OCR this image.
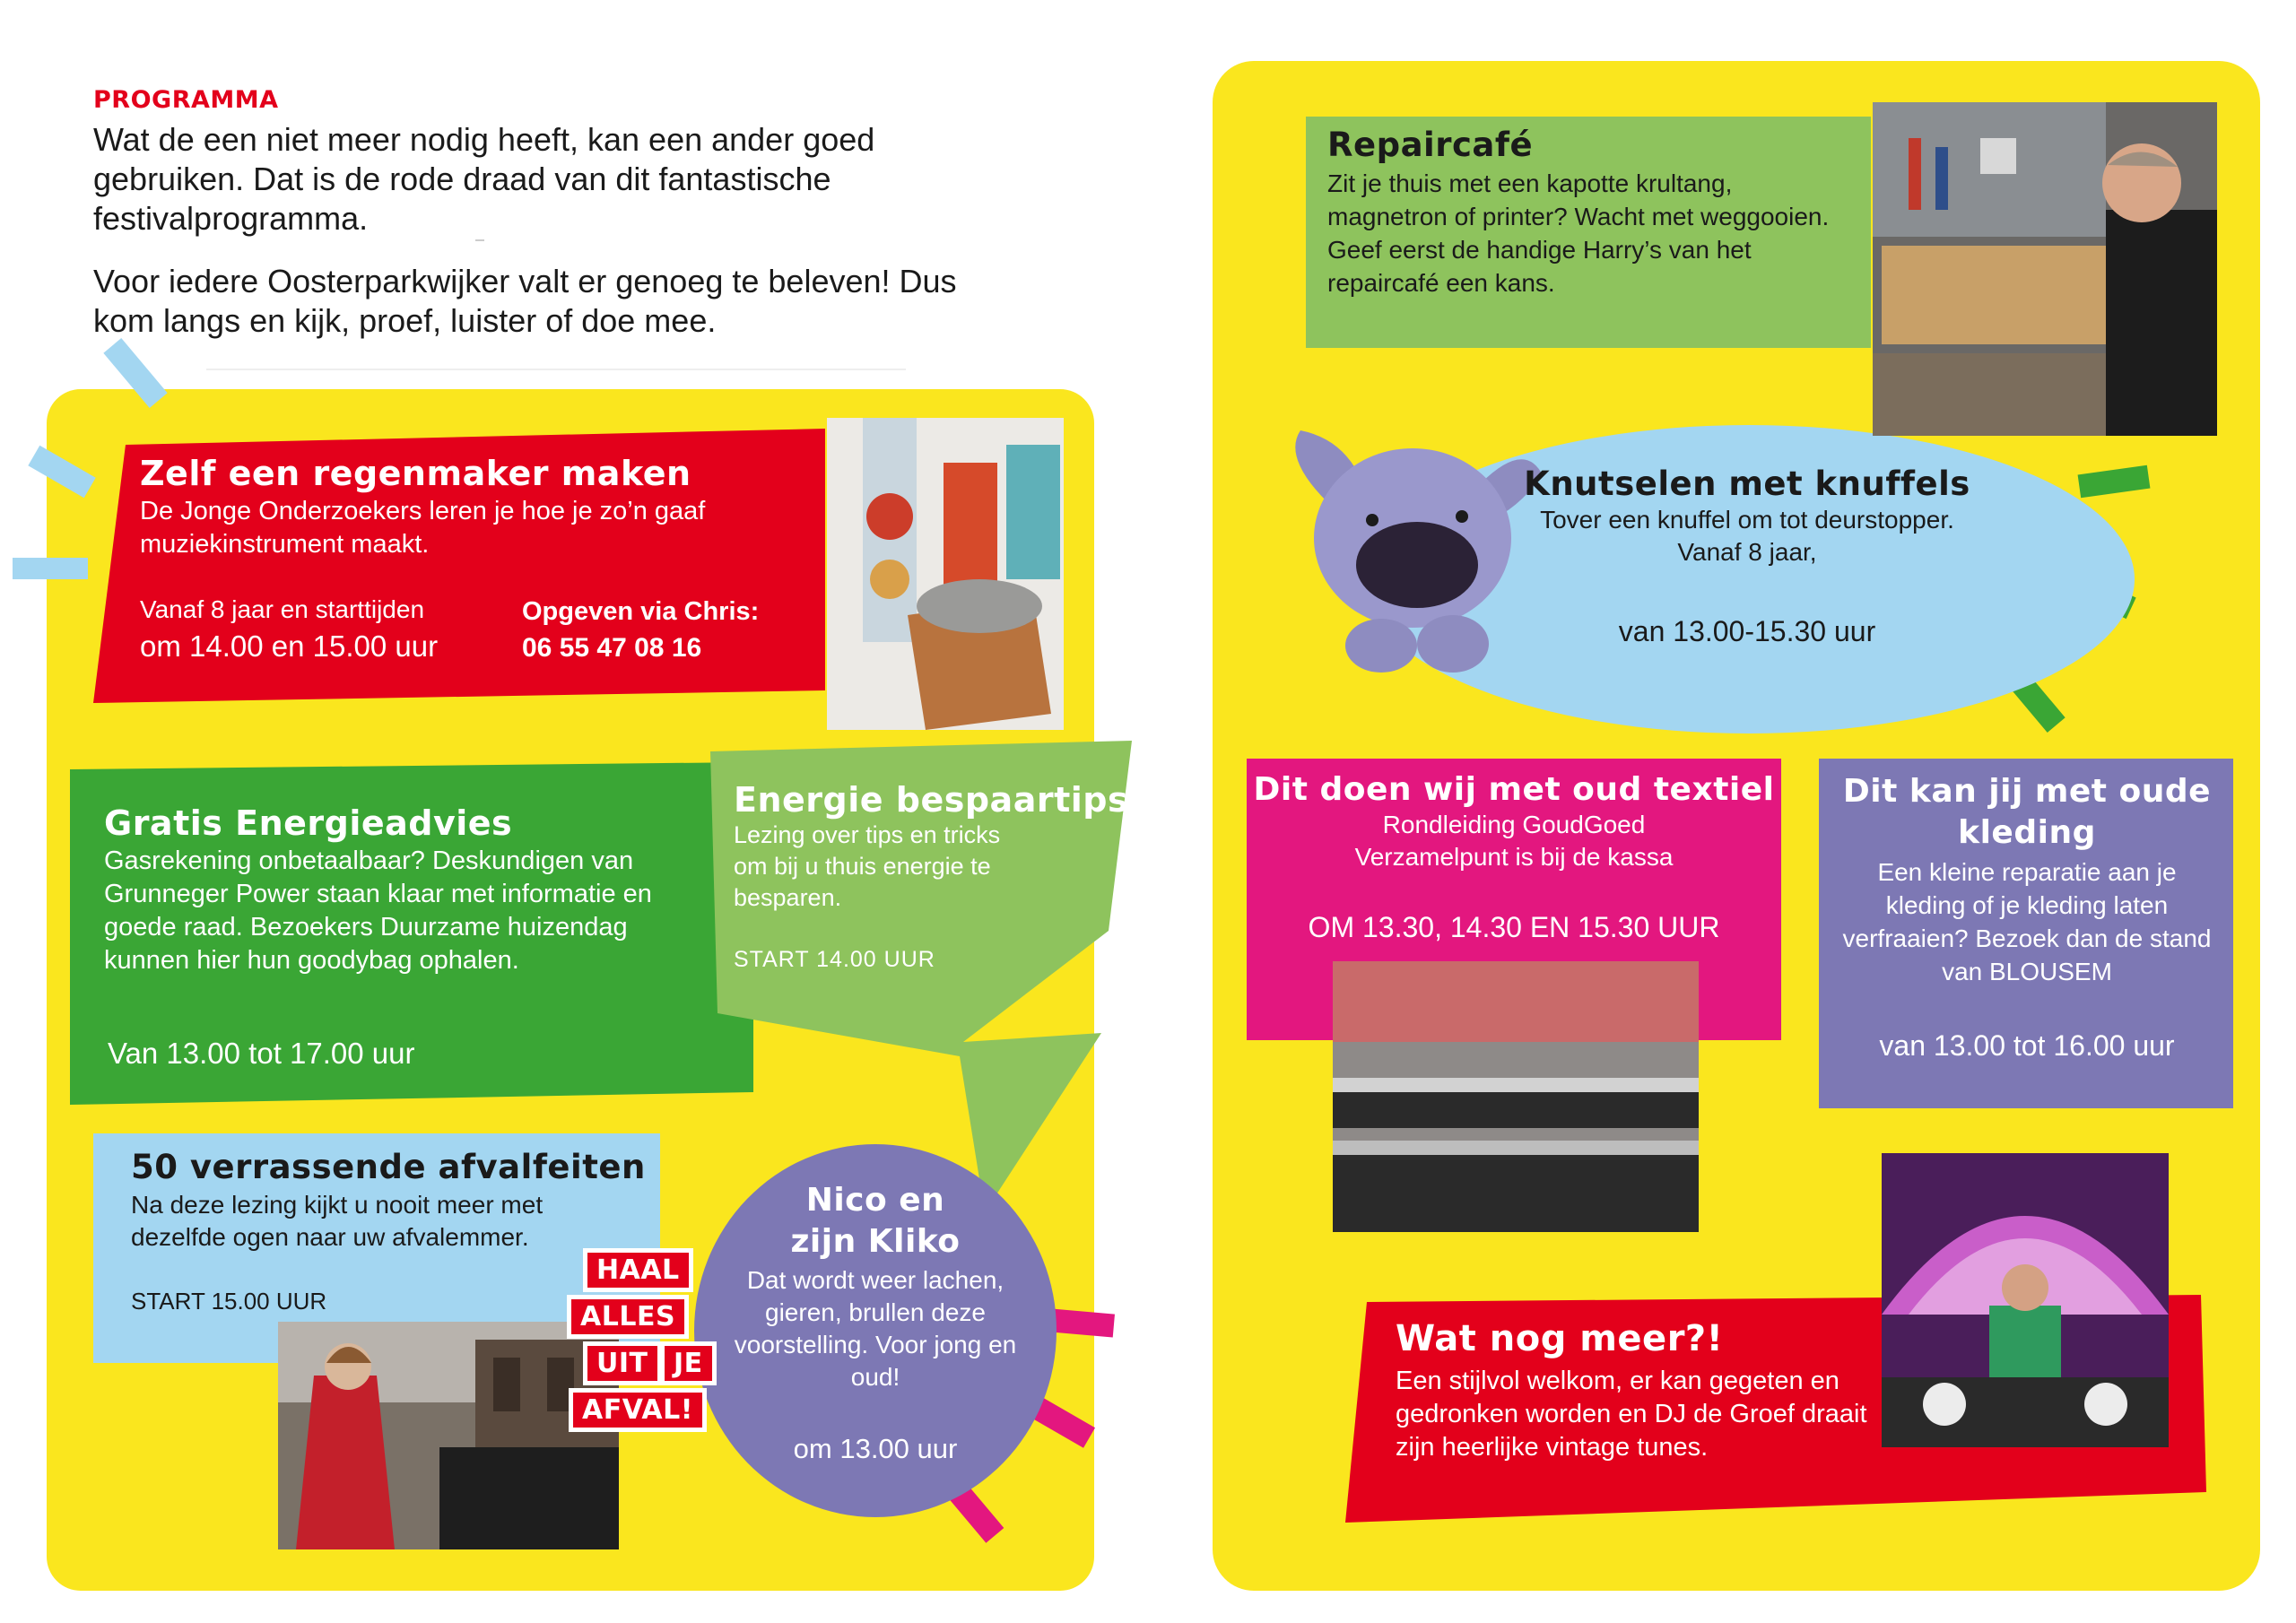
PROGRAMMA
Wat de een niet meer nodig heeft, kan een ander goed gebruiken. Dat is de rode draad van dit fantastische festivalprogramma.
Voor iedere Oosterparkwijker valt er genoeg te beleven! Dus kom langs en kijk, proef, luister of doe mee.
Zelf een regenmaker maken
De Jonge Onderzoekers leren je hoe je zo’n gaaf muziekinstrument maakt.
Vanaf 8 jaar en starttijden
om 14.00 en 15.00 uur
Opgeven via Chris:
06 55 47 08 16
Gratis Energieadvies
Gasrekening onbetaalbaar? Deskundigen van Grunneger Power staan klaar met informatie en goede raad. Bezoekers Duurzame huizendag kunnen hier hun goodybag ophalen.
Van 13.00 tot 17.00 uur
Energie bespaartips
Lezing over tips en tricks om bij u thuis energie te besparen.
START 14.00 UUR
50 verrassende afvalfeiten
Na deze lezing kijkt u nooit meer met dezelfde ogen naar uw afvalemmer.
START 15.00 UUR
HAAL
ALLES
UIT JE
AFVAL!
Nico en zijn Kliko
Dat wordt weer lachen, gieren, brullen deze voorstelling. Voor jong en oud!
om 13.00 uur
Repaircafé
Zit je thuis met een kapotte krultang, magnetron of printer? Wacht met weggooien. Geef eerst de handige Harry’s van het repaircafé een kans.
Knutselen met knuffels
Tover een knuffel om tot deurstopper.
Vanaf 8 jaar,
van 13.00-15.30 uur
Dit doen wij met oud textiel
Rondleiding GoudGoed
Verzamelpunt is bij de kassa
OM 13.30, 14.30 EN 15.30 UUR
Dit kan jij met oude kleding
Een kleine reparatie aan je kleding of je kleding laten verfraaien? Bezoek dan de stand van BLOUSEM
van 13.00 tot 16.00 uur
Wat nog meer?!
Een stijlvol welkom, er kan gegeten en gedronken worden en DJ de Groef draait zijn heerlijke vintage tunes.
